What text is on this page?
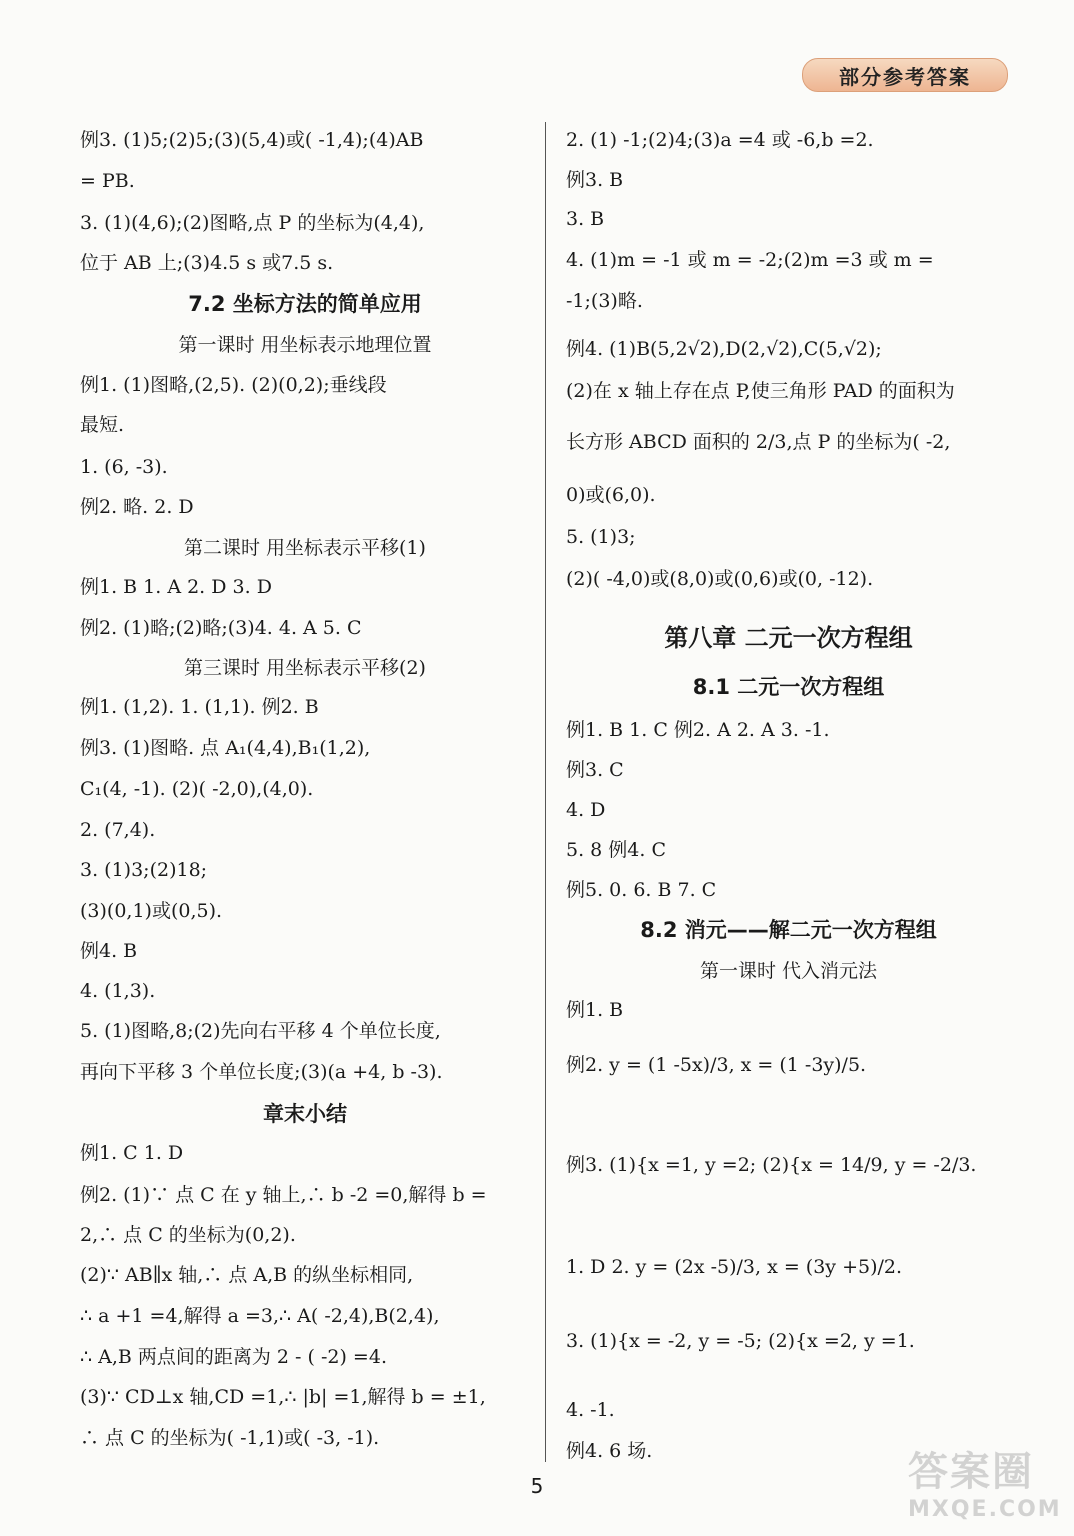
部分参考答案
例3. (1)5;(2)5;(3)(5,4)或( -1,4);(4)AB
= PB.
3. (1)(4,6);(2)图略,点 P 的坐标为(4,4),
位于 AB 上;(3)4.5 s 或7.5 s.
7.2 坐标方法的简单应用
第一课时 用坐标表示地理位置
例1. (1)图略,(2,5). (2)(0,2);垂线段
最短.
1. (6, -3).
例2. 略. 2. D
第二课时 用坐标表示平移(1)
例1. B 1. A 2. D 3. D
例2. (1)略;(2)略;(3)4. 4. A 5. C
第三课时 用坐标表示平移(2)
例1. (1,2). 1. (1,1). 例2. B
例3. (1)图略. 点 A₁(4,4),B₁(1,2),
C₁(4, -1). (2)( -2,0),(4,0).
2. (7,4).
3. (1)3;(2)18;
(3)(0,1)或(0,5).
例4. B
4. (1,3).
5. (1)图略,8;(2)先向右平移 4 个单位长度,
再向下平移 3 个单位长度;(3)(a +4, b -3).
章末小结
例1. C 1. D
例2. (1)∵ 点 C 在 y 轴上,∴ b -2 =0,解得 b =
2,∴ 点 C 的坐标为(0,2).
(2)∵ AB∥x 轴,∴ 点 A,B 的纵坐标相同,
∴ a +1 =4,解得 a =3,∴ A( -2,4),B(2,4),
∴ A,B 两点间的距离为 2 - ( -2) =4.
(3)∵ CD⊥x 轴,CD =1,∴ |b| =1,解得 b = ±1,
∴ 点 C 的坐标为( -1,1)或( -3, -1).
2. (1) -1;(2)4;(3)a =4 或 -6,b =2.
例3. B
3. B
4. (1)m = -1 或 m = -2;(2)m =3 或 m =
-1;(3)略.
例4. (1)B(5,2√2),D(2,√2),C(5,√2);
(2)在 x 轴上存在点 P,使三角形 PAD 的面积为
长方形 ABCD 面积的 2/3,点 P 的坐标为( -2,
0)或(6,0).
5. (1)3;
(2)( -4,0)或(8,0)或(0,6)或(0, -12).
第八章 二元一次方程组
8.1 二元一次方程组
例1. B 1. C 例2. A 2. A 3. -1.
例3. C
4. D
5. 8 例4. C
例5. 0. 6. B 7. C
8.2 消元——解二元一次方程组
第一课时 代入消元法
例1. B
例2. y = (1 -5x)/3, x = (1 -3y)/5.
例3. (1){x =1, y =2; (2){x = 14/9, y = -2/3.
1. D 2. y = (2x -5)/3, x = (3y +5)/2.
3. (1){x = -2, y = -5; (2){x =2, y =1.
4. -1.
例4. 6 场.
5	答案圈
MXQE.COM
